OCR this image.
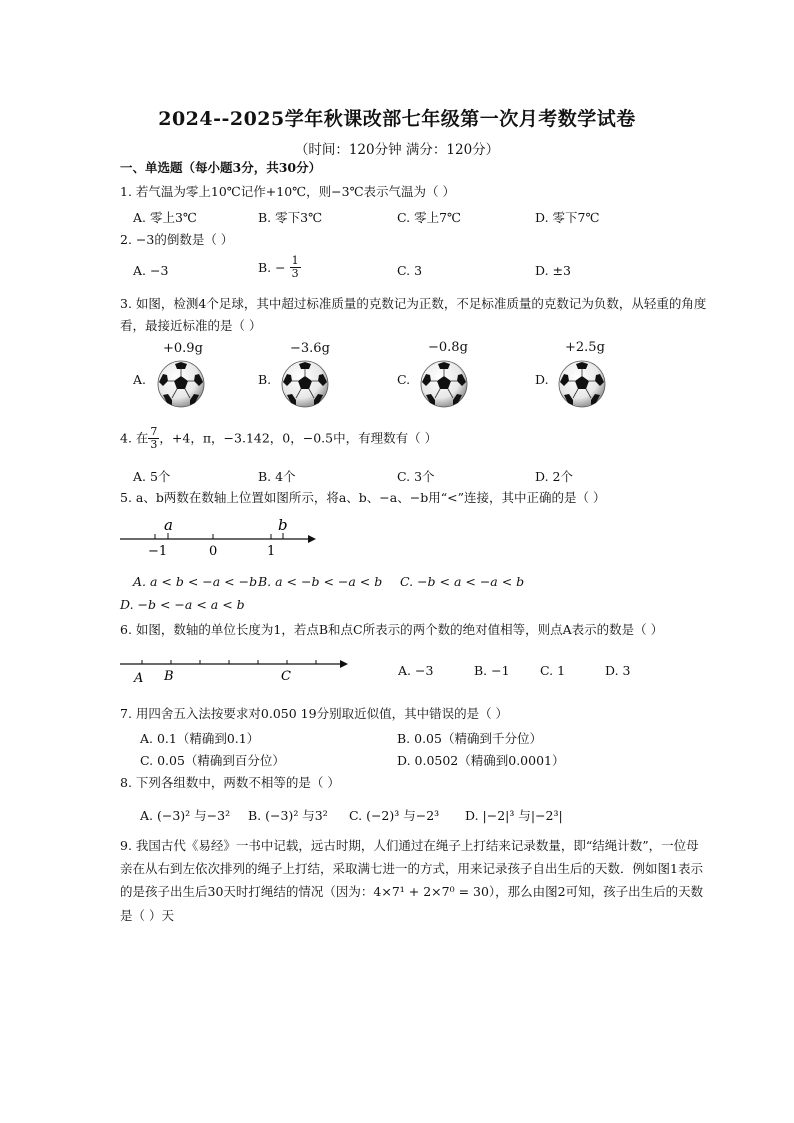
2024--2025学年秋课改部七年级第一次月考数学试卷
（时间：120分钟 满分：120分）
一、单选题（每小题3分，共30分）
1. 若气温为零上10℃记作+10℃，则−3℃表示气温为（ ）
A. 零上3℃	B. 零下3℃	C. 零上7℃	D. 零下7℃
2. −3的倒数是（ ）
A. −3	B. − $\frac{1}{3}$	C. 3	D. ±3
3. 如图，检测4个足球，其中超过标准质量的克数记为正数，不足标准质量的克数记为负数，从轻重的角度
看，最接近标准的是（ ）
+0.9g
A.
−3.6g
B.
−0.8g
C.
+2.5g
D.
4. 在 $\frac{7}{3}$ ，+4，π，−3.142，0，−0.5中，有理数有（ ）
A. 5个	B. 4个	C. 3个	D. 2个
5. a、b两数在数轴上位置如图所示，将a、b、−a、−b用“<”连接，其中正确的是（ ）
−1	0	1
a	b
A. a < b < −a < −b B. a < −b < −a < b C. −b < a < −a < b
D. −b < −a < a < b
6. 如图，数轴的单位长度为1，若点B和点C所表示的两个数的绝对值相等，则点A表示的数是（ ）
A B	C	A. −3	B. −1 C. 1	D. 3
7. 用四舍五入法按要求对0.050 19分别取近似值，其中错误的是（ ）
A. 0.1（精确到0.1）	B. 0.05（精确到千分位）
C. 0.05（精确到百分位）	D. 0.0502（精确到0.0001）
8. 下列各组数中，两数不相等的是（ ）
A. (−3)² 与−3² B. (−3)² 与3² C. (−2)³ 与−2³ D. |−2|³ 与|−2³|
9. 我国古代《易经》一书中记载，远古时期，人们通过在绳子上打结来记录数量，即“结绳计数”，一位母
亲在从右到左依次排列的绳子上打结，采取满七进一的方式，用来记录孩子自出生后的天数．例如图1表示
的是孩子出生后30天时打绳结的情况（因为：4×7¹ + 2×7⁰ = 30），那么由图2可知，孩子出生后的天数
是（ ）天
